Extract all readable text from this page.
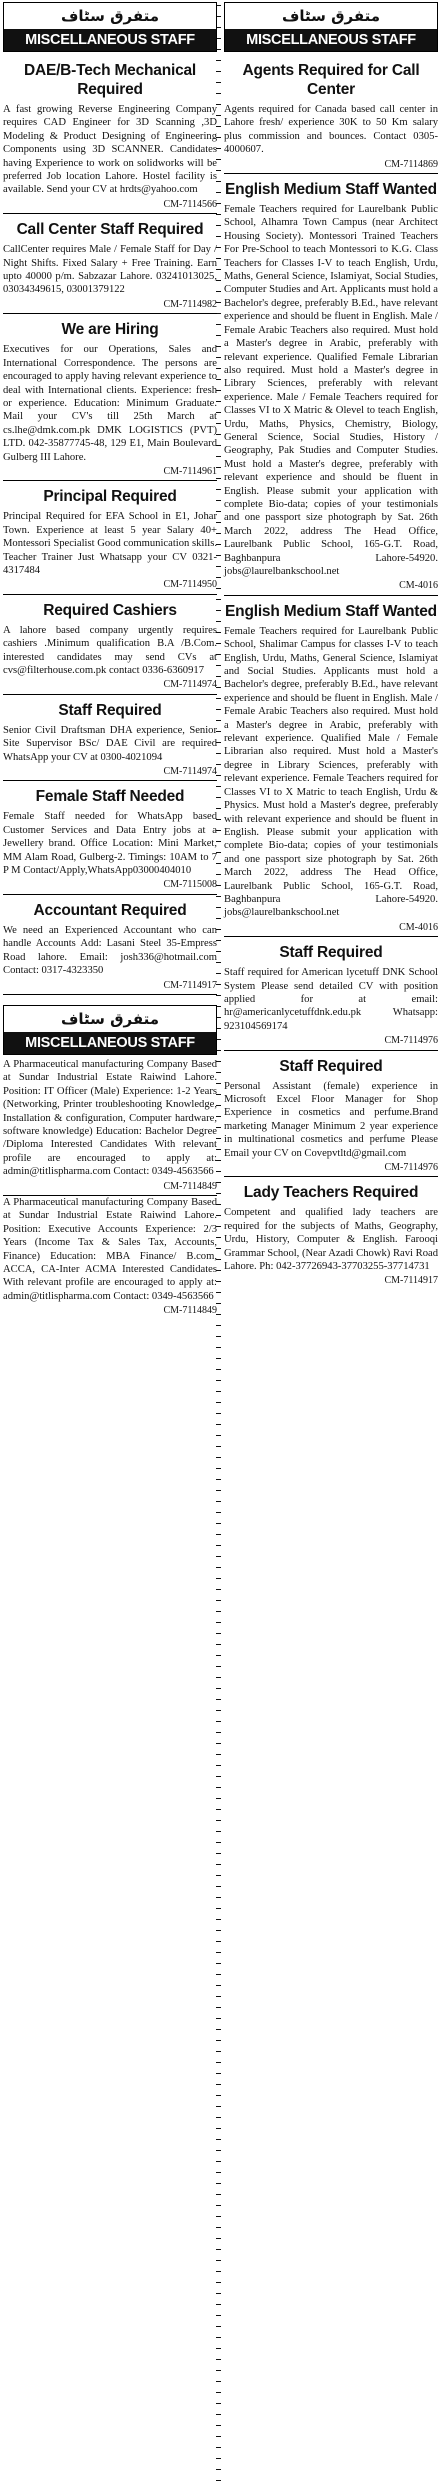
متفرق سٹاف
MISCELLANEOUS STAFF
DAE/B-Tech Mechanical Required

A fast growing Reverse Engineering Company requires CAD Engineer for 3D Scanning ,3D Modeling & Product Designing of Engineering Components using 3D SCANNER. Candidates having Experience to work on solidworks will be preferred Job location Lahore. Hostel facility is available. Send your CV at hrdts@yahoo.com

CM-7114566
Call Center Staff Required

CallCenter requires Male / Female Staff for Day / Night Shifts. Fixed Salary + Free Training. Earn upto 40000 p/m. Sabzazar Lahore. 03241013025, 03034349615, 03001379122

CM-7114982
We are Hiring

Executives for our Operations, Sales and International Correspondence. The persons are encouraged to apply having relevant experience to deal with International clients. Experience: fresh or experience. Education: Minimum Graduate. Mail your CV's till 25th March at cs.lhe@dmk.com.pk DMK LOGISTICS (PVT) LTD. 042-35877745-48, 129 E1, Main Boulevard Gulberg III Lahore.

CM-7114961
Principal Required

Principal Required for EFA School in E1, Johar Town. Experience at least 5 year Salary 40+ Montessori Specialist Good communication skills. Teacher Trainer Just Whatsapp your CV 0321-4317484

CM-7114950
Required Cashiers

A lahore based company urgently requires cashiers .Minimum qualification B.A /B.Com. interested candidates may send CVs at cvs@filterhouse.com.pk contact 0336-6360917

CM-7114974
Staff Required

Senior Civil Draftsman DHA experience, Senior Site Supervisor BSc/ DAE Civil are required WhatsApp your CV at 0300-4021094

CM-7114974
Female Staff Needed

Female Staff needed for WhatsApp based Customer Services and Data Entry jobs at a Jewellery brand. Office Location: Mini Market, MM Alam Road, Gulberg-2. Timings: 10AM to 7 P M Contact/Apply,WhatsApp03000404010

CM-7115008
Accountant Required

We need an Experienced Accountant who can handle Accounts Add: Lasani Steel 35-Empress Road lahore. Email: josh336@hotmail.com Contact: 0317-4323350

CM-7114917
متفرق سٹاف
MISCELLANEOUS STAFF

A Pharmaceutical manufacturing Company Based at Sundar Industrial Estate Raiwind Lahore. Position: IT Officer (Male) Experience: 1-2 Years (Networking, Printer troubleshooting Knowledge, Installation & configuration, Computer hardware, software knowledge) Education: Bachelor Degree /Diploma Interested Candidates With relevant profile are encouraged to apply at: admin@titlispharma.com Contact: 0349-4563566

CM-7114849

A Pharmaceutical manufacturing Company Based at Sundar Industrial Estate Raiwind Lahore. Position: Executive Accounts Experience: 2/3 Years (Income Tax & Sales Tax, Accounts, Finance) Education: MBA Finance/ B.com, ACCA, CA-Inter ACMA Interested Candidates With relevant profile are encouraged to apply at: admin@titlispharma.com Contact: 0349-4563566

CM-7114849
متفرق سٹاف
MISCELLANEOUS STAFF
Agents Required for Call Center

Agents required for Canada based call center in Lahore fresh/ experience 30K to 50 Km salary plus commission and bounces. Contact 0305-4000607.

CM-7114869
English Medium Staff Wanted

Female Teachers required for Laurelbank Public School, Alhamra Town Campus (near Architect Housing Society). Montessori Trained Teachers For Pre-School to teach Montessori to K.G. Class Teachers for Classes I-V to teach English, Urdu, Maths, General Science, Islamiyat, Social Studies, Computer Studies and Art. Applicants must hold a Bachelor's degree, preferably B.Ed., have relevant experience and should be fluent in English. Male / Female Arabic Teachers also required. Must hold a Master's degree in Arabic, preferably with relevant experience. Qualified Female Librarian also required. Must hold a Master's degree in Library Sciences, preferably with relevant experience. Male / Female Teachers required for Classes VI to X Matric & Olevel to teach English, Urdu, Maths, Physics, Chemistry, Biology, General Science, Social Studies, History / Geography, Pak Studies and Computer Studies. Must hold a Master's degree, preferably with relevant experience and should be fluent in English. Please submit your application with complete Bio-data; copies of your testimonials and one passport size photograph by Sat. 26th March 2022, address The Head Office, Laurelbank Public School, 165-G.T. Road, Baghbanpura Lahore-54920. jobs@laurelbankschool.net

CM-4016
English Medium Staff Wanted

Female Teachers required for Laurelbank Public School, Shalimar Campus for classes I-V to teach English, Urdu, Maths, General Science, Islamiyat and Social Studies. Applicants must hold a Bachelor's degree, preferably B.Ed., have relevant experience and should be fluent in English. Male / Female Arabic Teachers also required. Must hold a Master's degree in Arabic, preferably with relevant experience. Qualified Male / Female Librarian also required. Must hold a Master's degree in Library Sciences, preferably with relevant experience. Female Teachers required for Classes VI to X Matric to teach English, Urdu & Physics. Must hold a Master's degree, preferably with relevant experience and should be fluent in English. Please submit your application with complete Bio-data; copies of your testimonials and one passport size photograph by Sat. 26th March 2022, address The Head Office, Laurelbank Public School, 165-G.T. Road, Baghbanpura Lahore-54920. jobs@laurelbankschool.net

CM-4016
Staff Required

Staff required for American lycetuff DNK School System Please send detailed CV with position applied for at email: hr@americanlycetuffdnk.edu.pk Whatsapp: 923104569174

CM-7114976
Staff Required

Personal Assistant (female) experience in Microsoft Excel Floor Manager for Shop Experience in cosmetics and perfume.Brand marketing Manager Minimum 2 year experience in multinational cosmetics and perfume Please Email your CV on Covepvtltd@gmail.com

CM-7114976
Lady Teachers Required

Competent and qualified lady teachers are required for the subjects of Maths, Geography, Urdu, History, Computer & English. Farooqi Grammar School, (Near Azadi Chowk) Ravi Road Lahore. Ph: 042-37726943-37703255-37714731

CM-7114917
